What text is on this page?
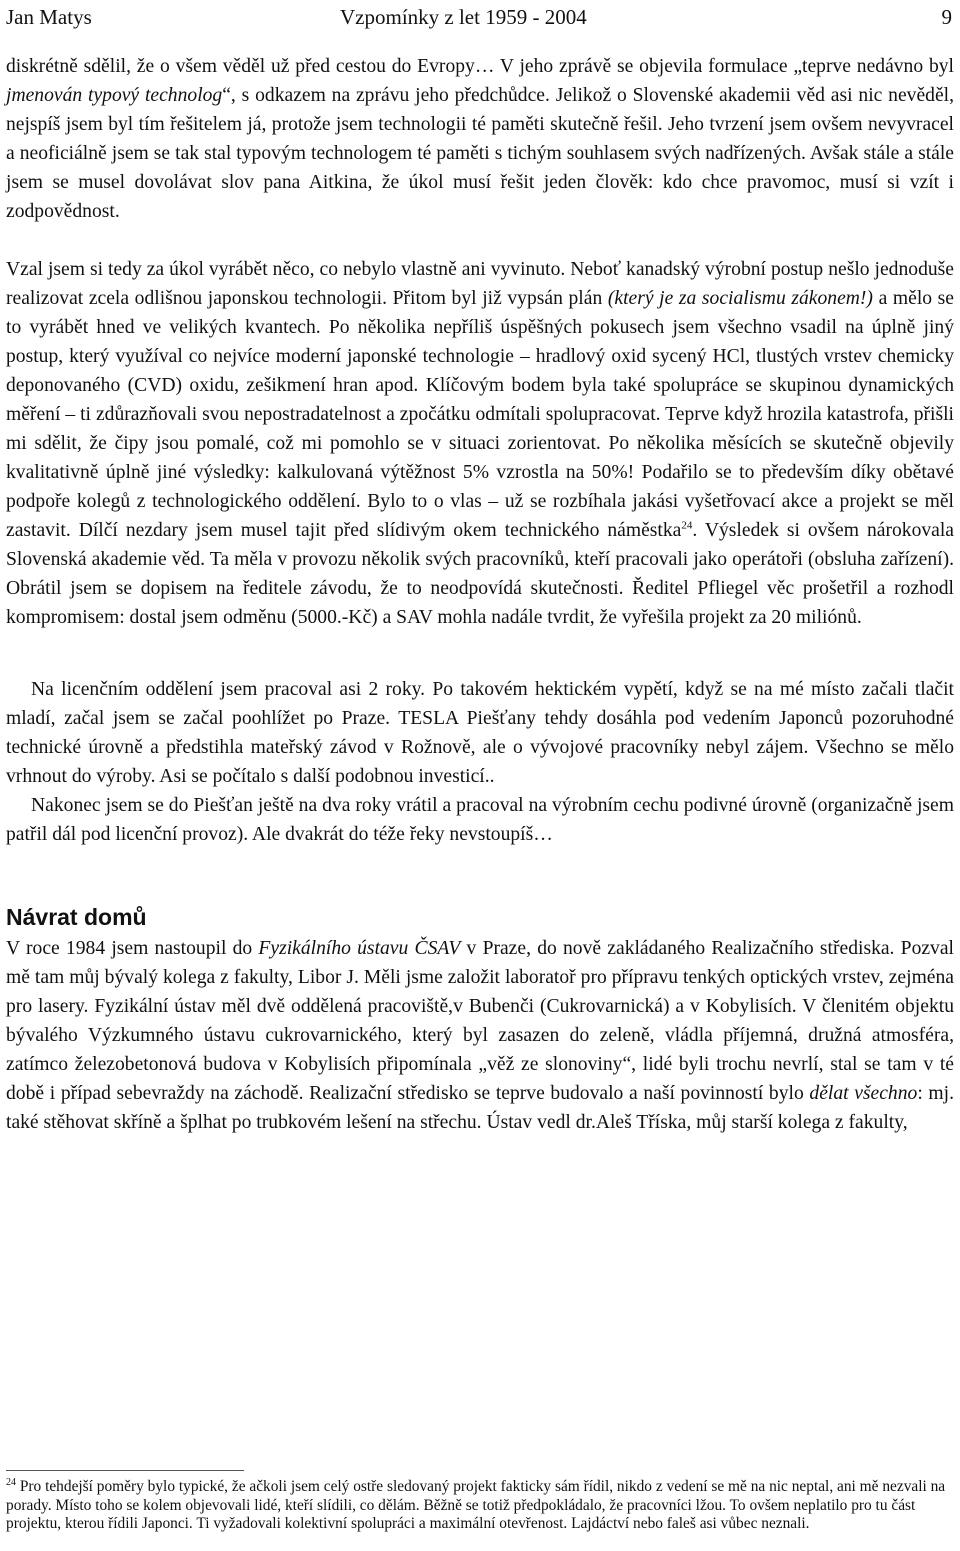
Jan Matys	Vzpomínky z let 1959 - 2004	9

diskrétně sdělil, že o všem věděl už před cestou do Evropy… V jeho zprávě se objevila formulace „teprve nedávno byl jmenován typový technolog“, s odkazem na zprávu jeho předchůdce. Jelikož o Slovenské akademii věd asi nic nevěděl, nejspíš jsem byl tím řešitelem já, protože jsem technologii té paměti skutečně řešil. Jeho tvrzení jsem ovšem nevyvracel a neoficiálně jsem se tak stal typovým technologem té paměti s tichým souhlasem svých nadřízených. Avšak stále a stále jsem se musel dovolávat slov pana Aitkina, že úkol musí řešit jeden člověk: kdo chce pravomoc, musí si vzít i zodpovědnost.

Vzal jsem si tedy za úkol vyrábět něco, co nebylo vlastně ani vyvinuto. Neboť kanadský výrobní postup nešlo jednoduše realizovat zcela odlišnou japonskou technologii. Přitom byl již vypsán plán (který je za socialismu zákonem!) a mělo se to vyrábět hned ve velikých kvantech. Po několika nepříliš úspěšných pokusech jsem všechno vsadil na úplně jiný postup, který využíval co nejvíce moderní japonské technologie – hradlový oxid sycený HCl, tlustých vrstev chemicky deponovaného (CVD) oxidu, zešikmení hran apod. Klíčovým bodem byla také spolupráce se skupinou dynamických měření – ti zdůrazňovali svou nepostradatelnost a zpočátku odmítali spolupracovat. Teprve když hrozila katastrofa, přišli mi sdělit, že čipy jsou pomalé, což mi pomohlo se v situaci zorientovat. Po několika měsících se skutečně objevily kvalitativně úplně jiné výsledky: kalkulovaná výtěžnost 5% vzrostla na 50%! Podařilo se to především díky obětavé podpoře kolegů z technologického oddělení. Bylo to o vlas – už se rozbíhala jakási vyšetřovací akce a projekt se měl zastavit. Dílčí nezdary jsem musel tajit před slídivým okem technického náměstka$^{24}$. Výsledek si ovšem nárokovala Slovenská akademie věd. Ta měla v provozu několik svých pracovníků, kteří pracovali jako operátoři (obsluha zařízení). Obrátil jsem se dopisem na ředitele závodu, že to neodpovídá skutečnosti. Ředitel Pfliegel věc prošetřil a rozhodl kompromisem: dostal jsem odměnu (5000.-Kč) a SAV mohla nadále tvrdit, že vyřešila projekt za 20 miliónů.

Na licenčním oddělení jsem pracoval asi 2 roky. Po takovém hektickém vypětí, když se na mé místo začali tlačit mladí, začal jsem se začal poohlížet po Praze. TESLA Piešťany tehdy dosáhla pod vedením Japonců pozoruhodné technické úrovně a předstihla mateřský závod v Rožnově, ale o vývojové pracovníky nebyl zájem. Všechno se mělo vrhnout do výroby. Asi se počítalo s další podobnou investicí..

Nakonec jsem se do Piešťan ještě na dva roky vrátil a pracoval na výrobním cechu podivné úrovně (organizačně jsem patřil dál pod licenční provoz). Ale dvakrát do téže řeky nevstoupíš…

Návrat domů

V roce 1984 jsem nastoupil do Fyzikálního ústavu ČSAV v Praze, do nově zakládaného Realizačního střediska. Pozval mě tam můj bývalý kolega z fakulty, Libor J. Měli jsme založit laboratoř pro přípravu tenkých optických vrstev, zejména pro lasery. Fyzikální ústav měl dvě oddělená pracoviště,v Bubenči (Cukrovarnická) a v Kobylisích. V členitém objektu bývalého Výzkumného ústavu cukrovarnického, který byl zasazen do zeleně, vládla příjemná, družná atmosféra, zatímco železobetonová budova v Kobylisích připomínala „věž ze slonoviny“, lidé byli trochu nevrlí, stal se tam v té době i případ sebevraždy na záchodě. Realizační středisko se teprve budovalo a naší povinností bylo dělat všechno: mj. také stěhovat skříně a šplhat po trubkovém lešení na střechu. Ústav vedl dr.Aleš Tříska, můj starší kolega z fakulty,

$^{24}$ Pro tehdejší poměry bylo typické, že ačkoli jsem celý ostře sledovaný projekt fakticky sám řídil, nikdo z vedení se mě na nic neptal, ani mě nezvali na porady. Místo toho se kolem objevovali lidé, kteří slídili, co dělám. Běžně se totiž předpokládalo, že pracovníci lžou. To ovšem neplatilo pro tu část projektu, kterou řídili Japonci. Ti vyžadovali kolektivní spolupráci a maximální otevřenost. Lajdáctví nebo faleš asi vůbec neznali.
